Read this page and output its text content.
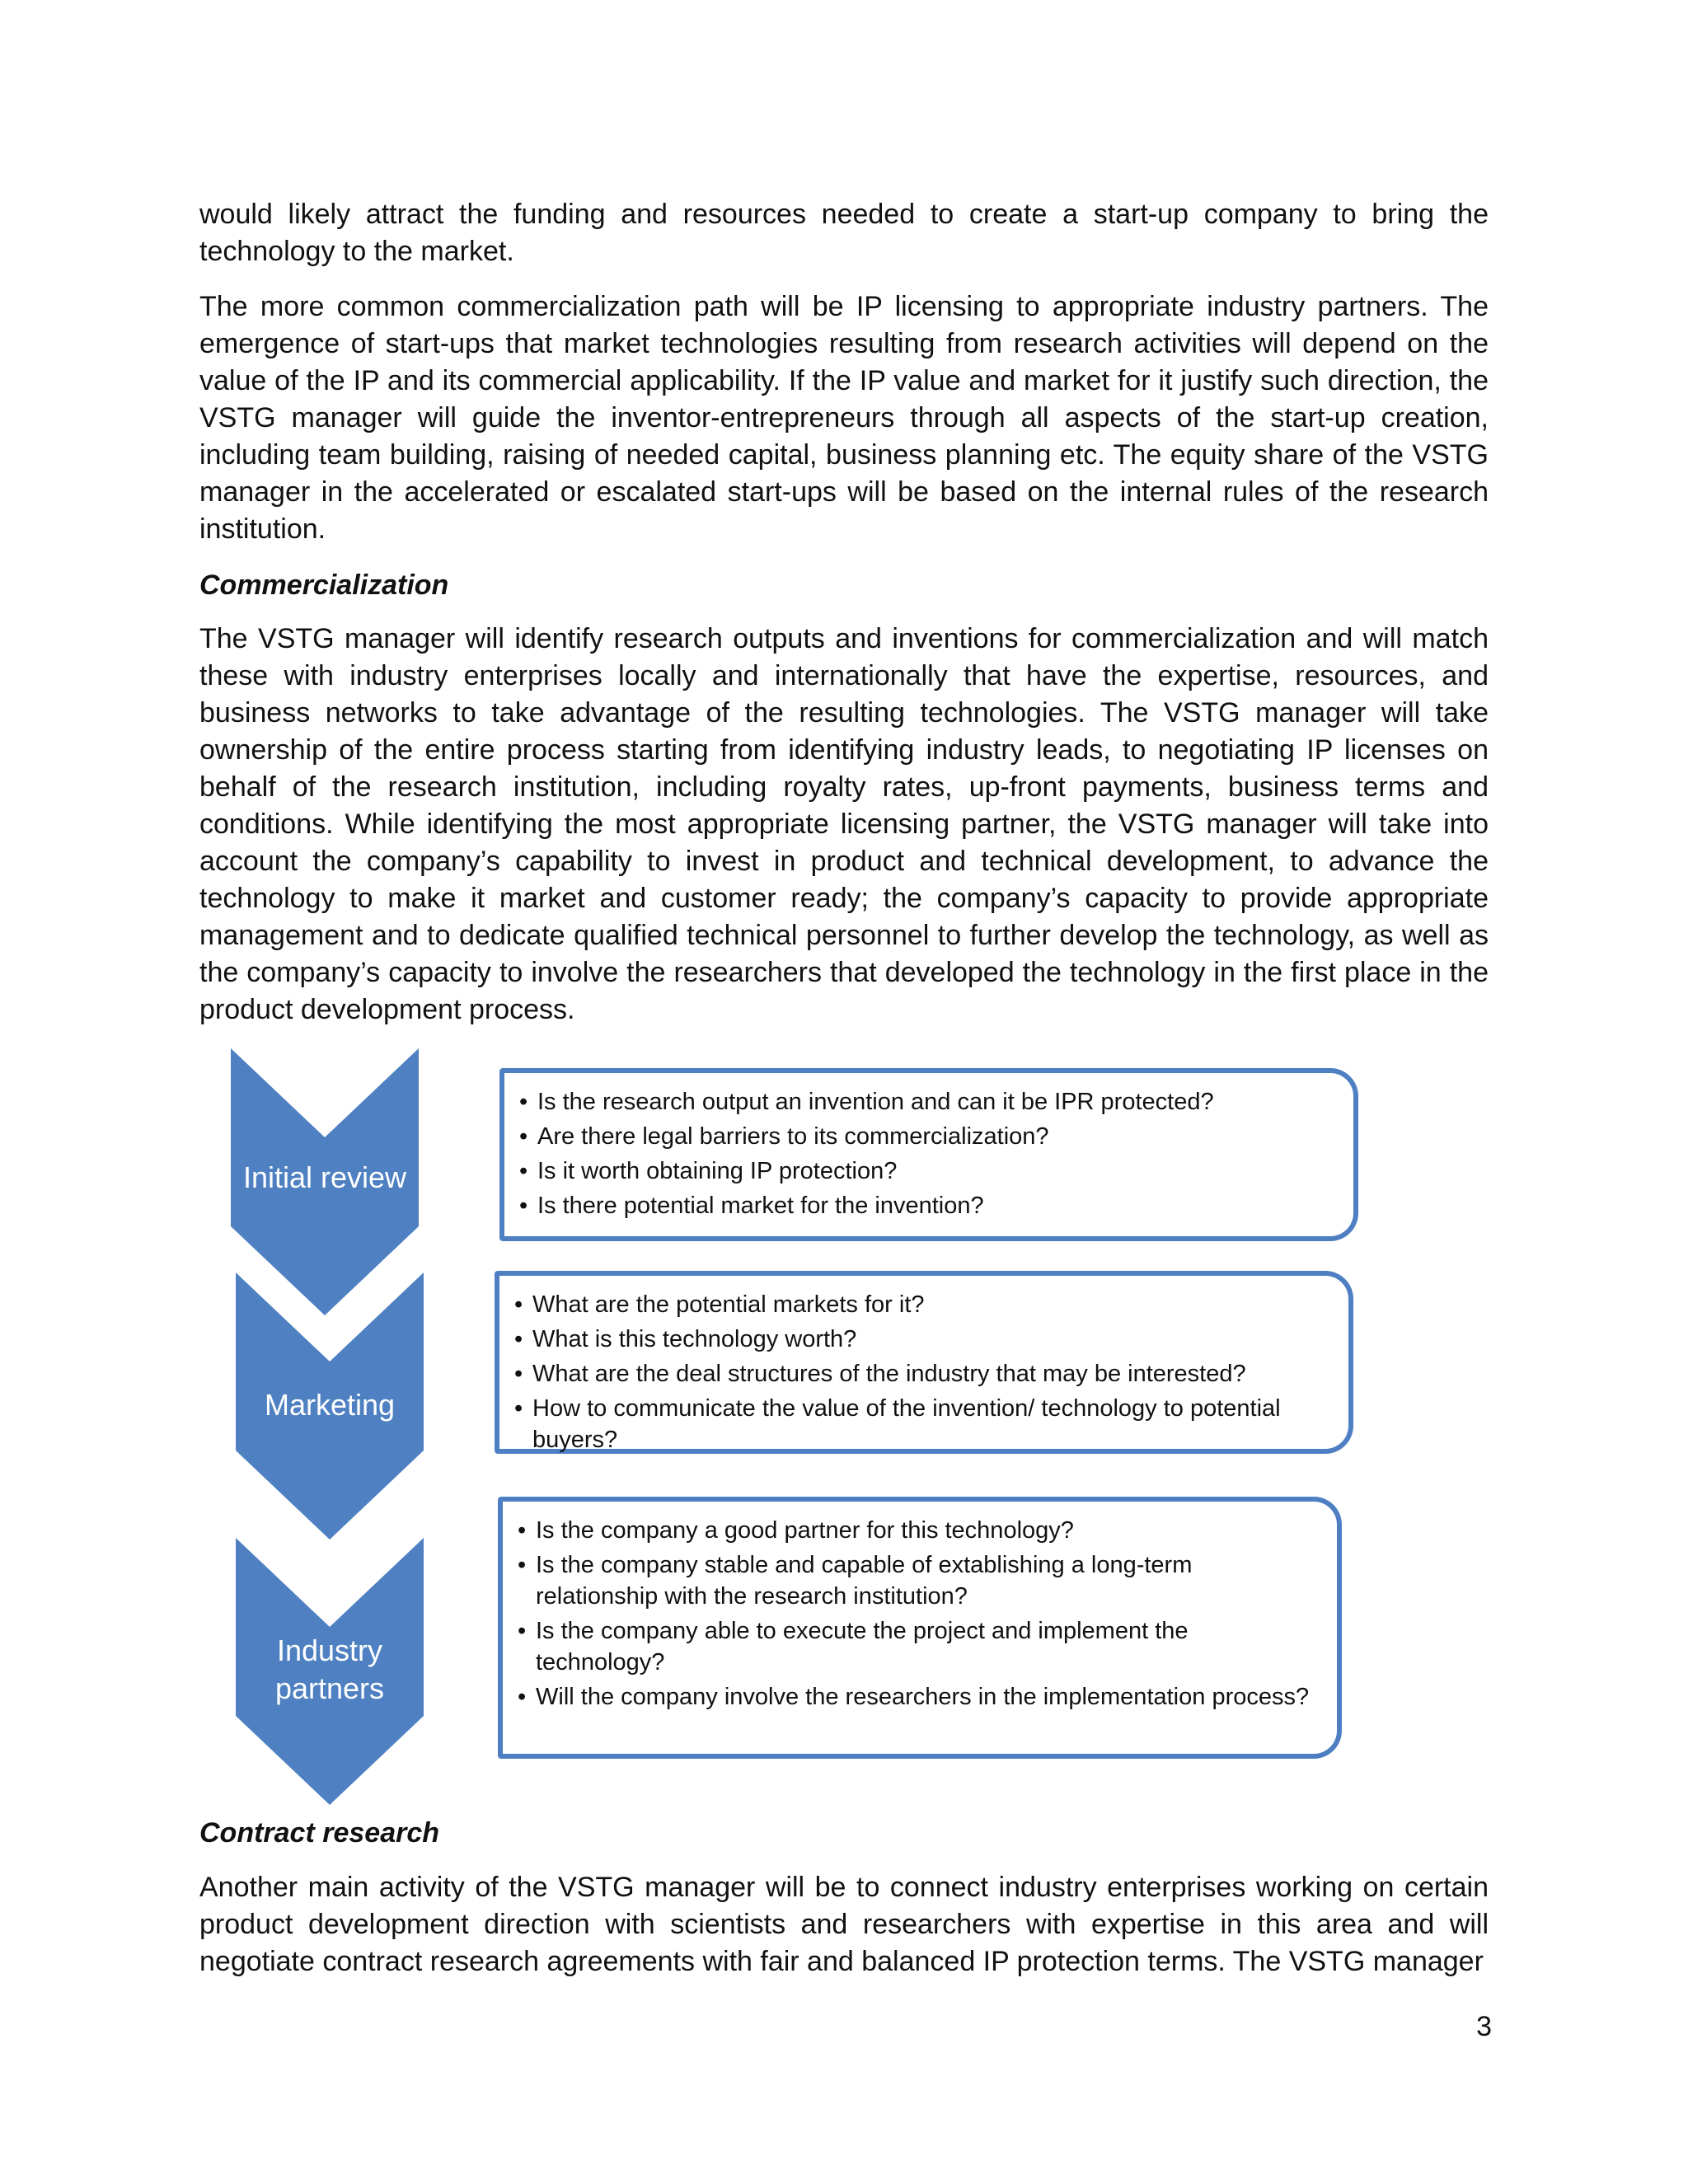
would likely attract the funding and resources needed to create a start-up company to bring the technology to the market.

The more common commercialization path will be IP licensing to appropriate industry partners. The emergence of start-ups that market technologies resulting from research activities will depend on the value of the IP and its commercial applicability. If the IP value and market for it justify such direction, the VSTG manager will guide the inventor-entrepreneurs through all aspects of the start-up creation, including team building, raising of needed capital, business planning etc. The equity share of the VSTG manager in the accelerated or escalated start-ups will be based on the internal rules of the research institution.

Commercialization

The VSTG manager will identify research outputs and inventions for commercialization and will match these with industry enterprises locally and internationally that have the expertise, resources, and business networks to take advantage of the resulting technologies. The VSTG manager will take ownership of the entire process starting from identifying industry leads, to negotiating IP licenses on behalf of the research institution, including royalty rates, up-front payments, business terms and conditions. While identifying the most appropriate licensing partner, the VSTG manager will take into account the company’s capability to invest in product and technical development, to advance the technology to make it market and customer ready; the company’s capacity to provide appropriate management and to dedicate qualified technical personnel to further develop the technology, as well as the company’s capacity to involve the researchers that developed the technology in the first place in the product development process.

Initial review
• Is the research output an invention and can it be IPR protected?
• Are there legal barriers to its commercialization?
• Is it worth obtaining IP protection?
• Is there potential market for the invention?
Marketing
• What are the potential markets for it?
• What is this technology worth?
• What are the deal structures of the industry that may be interested?
• How to communicate the value of the invention/ technology to potential buyers?
Industry partners
• Is the company a good partner for this technology?
• Is the company stable and capable of extablishing a long-term relationship with the research institution?
• Is the company able to execute the project and implement the technology?
• Will the company involve the researchers in the implementation process?

Contract research

Another main activity of the VSTG manager will be to connect industry enterprises working on certain product development direction with scientists and researchers with expertise in this area and will negotiate contract research agreements with fair and balanced IP protection terms. The VSTG manager

3
